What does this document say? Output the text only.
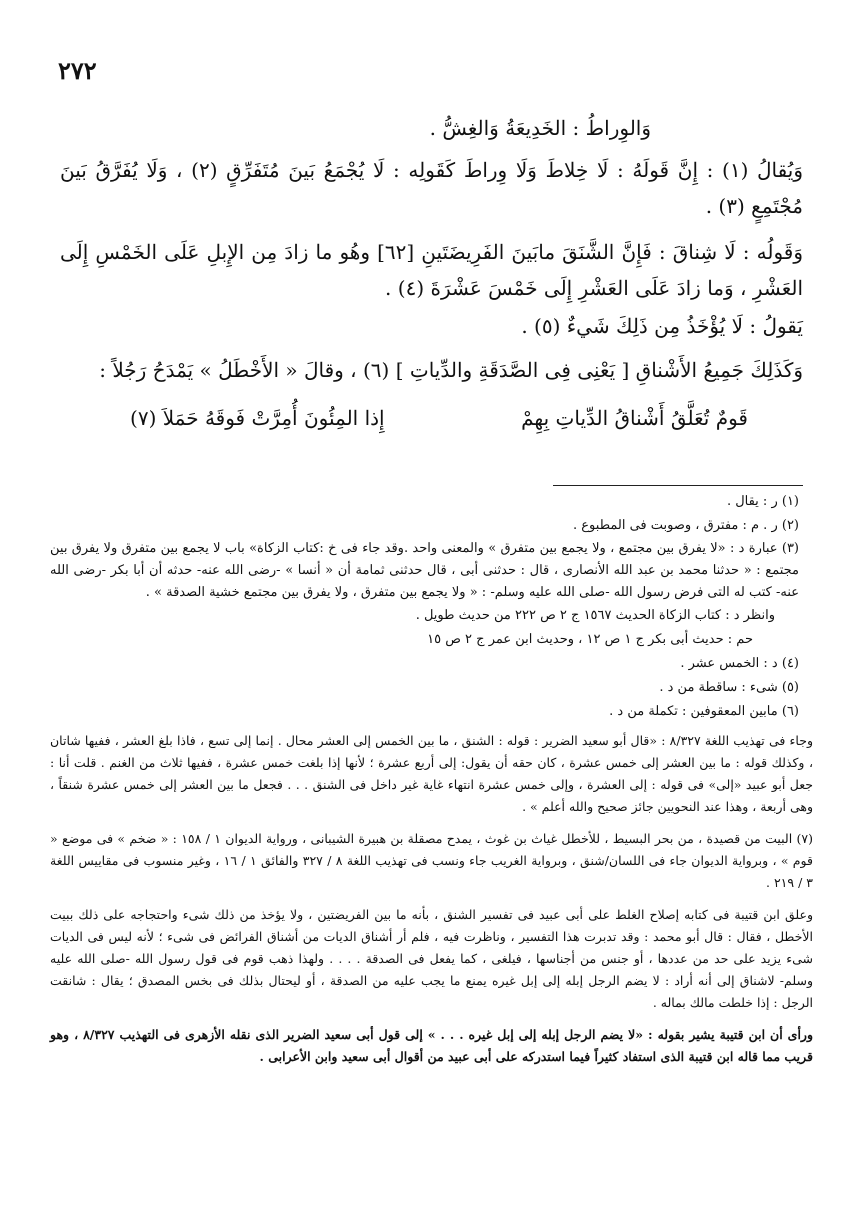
٢٧٢

وَالوِراطُ : الخَدِيعَةُ وَالغِشُّ .

وَيُقالُ (١) : إِنَّ قَولَهُ : لَا خِلاطَ وَلَا وِراطَ كَقَولِه : لَا يُجْمَعُ بَينَ مُتَفَرِّقٍ (٢) ، وَلَا يُفَرَّقُ بَينَ مُجْتَمِعٍ (٣) .

وَقَولُه : لَا شِناقَ : فَإِنَّ الشَّنَقَ مابَينَ الفَرِيضَتَينِ [٦٢] وهُو ما زادَ مِن الإِبلِ عَلَى الخَمْسِ إِلَى العَشْرِ ، وَما زادَ عَلَى العَشْرِ إِلَى خَمْسَ عَشْرَةَ (٤) .

يَقولُ : لَا يُؤْخَذُ مِن ذَلِكَ شَيءٌ (٥) .

وَكَذَلِكَ جَمِيعُ الأَشْناقِ [ يَعْنِى فِى الصَّدَقَةِ والدِّياتِ ] (٦) ، وقالَ « الأَخْطَلُ » يَمْدَحُ رَجُلاً :

قَومٌ تُعَلَّقُ أَشْناقُ الدِّياتِ بِهِمْ
إِذا المِئُونَ أُمِرَّتْ فَوقَهُ حَمَلاَ (٧)

(١) ر : يقال .

(٢) ر . م : مفترق ، وصوبت فى المطبوع .

(٣) عبارة د : «لا يفرق بين مجتمع ، ولا يجمع بين متفرق » والمعنى واحد .وقد جاء فى خ :كتاب الزكاة» باب لا يجمع بين متفرق ولا يفرق بين مجتمع : « حدثنا محمد بن عبد الله الأنصارى ، قال : حدثنى أبى ، قال حدثنى ثمامة أن « أنسا » -رضى الله عنه- حدثه أن أبا بكر -رضى الله عنه- كتب له التى فرض رسول الله -صلى الله عليه وسلم- : « ولا يجمع بين متفرق ، ولا يفرق بين مجتمع خشية الصدقة » .

وانظر د : كتاب الزكاة الحديث ١٥٦٧ ج ٢ ص ٢٢٢ من حديث طويل .

حم : حديث أبى بكر ج ١ ص ١٢ ، وحديث ابن عمر ج ٢ ص ١٥

(٤) د : الخمس عشر .

(٥) شىء : ساقطة من د .

(٦) مابين المعقوفين : تكملة من د .

وجاء فى تهذيب اللغة ٨/٣٢٧ : «قال أبو سعيد الضرير : قوله : الشنق ، ما بين الخمس إلى العشر محال . إنما إلى تسع ، فاذا بلغ العشر ، ففيها شاتان ، وكذلك قوله : ما بين العشر إلى خمس عشرة ، كان حقه أن يقول: إلى أربع عشرة ؛ لأنها إذا بلغت خمس عشرة ، ففيها ثلاث من الغنم . قلت أنا : جعل أبو عبيد «إلى» فى قوله : إلى العشرة ، وإلى خمس عشرة انتهاء غاية غير داخل فى الشنق . . . فجعل ما بين العشر إلى خمس عشرة شنقاً ، وهى أربعة ، وهذا عند النحويين جائز صحيح والله أعلم » .

(٧) البيت من قصيدة ، من بحر البسيط ، للأخطل غياث بن غوث ، يمدح مصقلة بن هبيرة الشيبانى ، ورواية الديوان ١ / ١٥٨ : « ضخم » فى موضع « قوم » ، وبرواية الديوان جاء فى اللسان/شنق ، وبرواية الغريب جاء ونسب فى تهذيب اللغة ٨ / ٣٢٧ والفائق ١ / ١٦ ، وغير منسوب فى مقاييس اللغة ٣ / ٢١٩ .

وعلق ابن قتيبة فى كتابه إصلاح الغلط على أبى عبيد فى تفسير الشنق ، بأنه ما بين الفريضتين ، ولا يؤخذ من ذلك شىء واحتجاجه على ذلك ببيت الأخطل ، فقال : قال أبو محمد : وقد تدبرت هذا التفسير ، وناظرت فيه ، فلم أر أشناق الديات من أشناق الفرائض فى شىء ؛ لأنه ليس فى الديات شىء يزيد على حد من عددها ، أو جنس من أجناسها ، فيلغى ، كما يفعل فى الصدقة . . . . ولهذا ذهب قوم فى قول رسول الله -صلى الله عليه وسلم- لاشناق إلى أنه أراد : لا يضم الرجل إبله إلى إبل غيره يمنع ما يجب عليه من الصدقة ، أو ليحتال بذلك فى بخس المصدق ؛ يقال : شانقت الرجل : إذا خلطت مالك بماله .

ورأى أن ابن قتيبة يشير بقوله : «لا يضم الرجل إبله إلى إبل غيره . . . » إلى قول أبى سعيد الضرير الذى نقله الأزهرى فى التهذيب ٨/٣٢٧ ، وهو قريب مما قاله ابن قتيبة الذى استفاد كثيراً فيما استدركه على أبى عبيد من أقوال أبى سعيد وابن الأعرابى .
